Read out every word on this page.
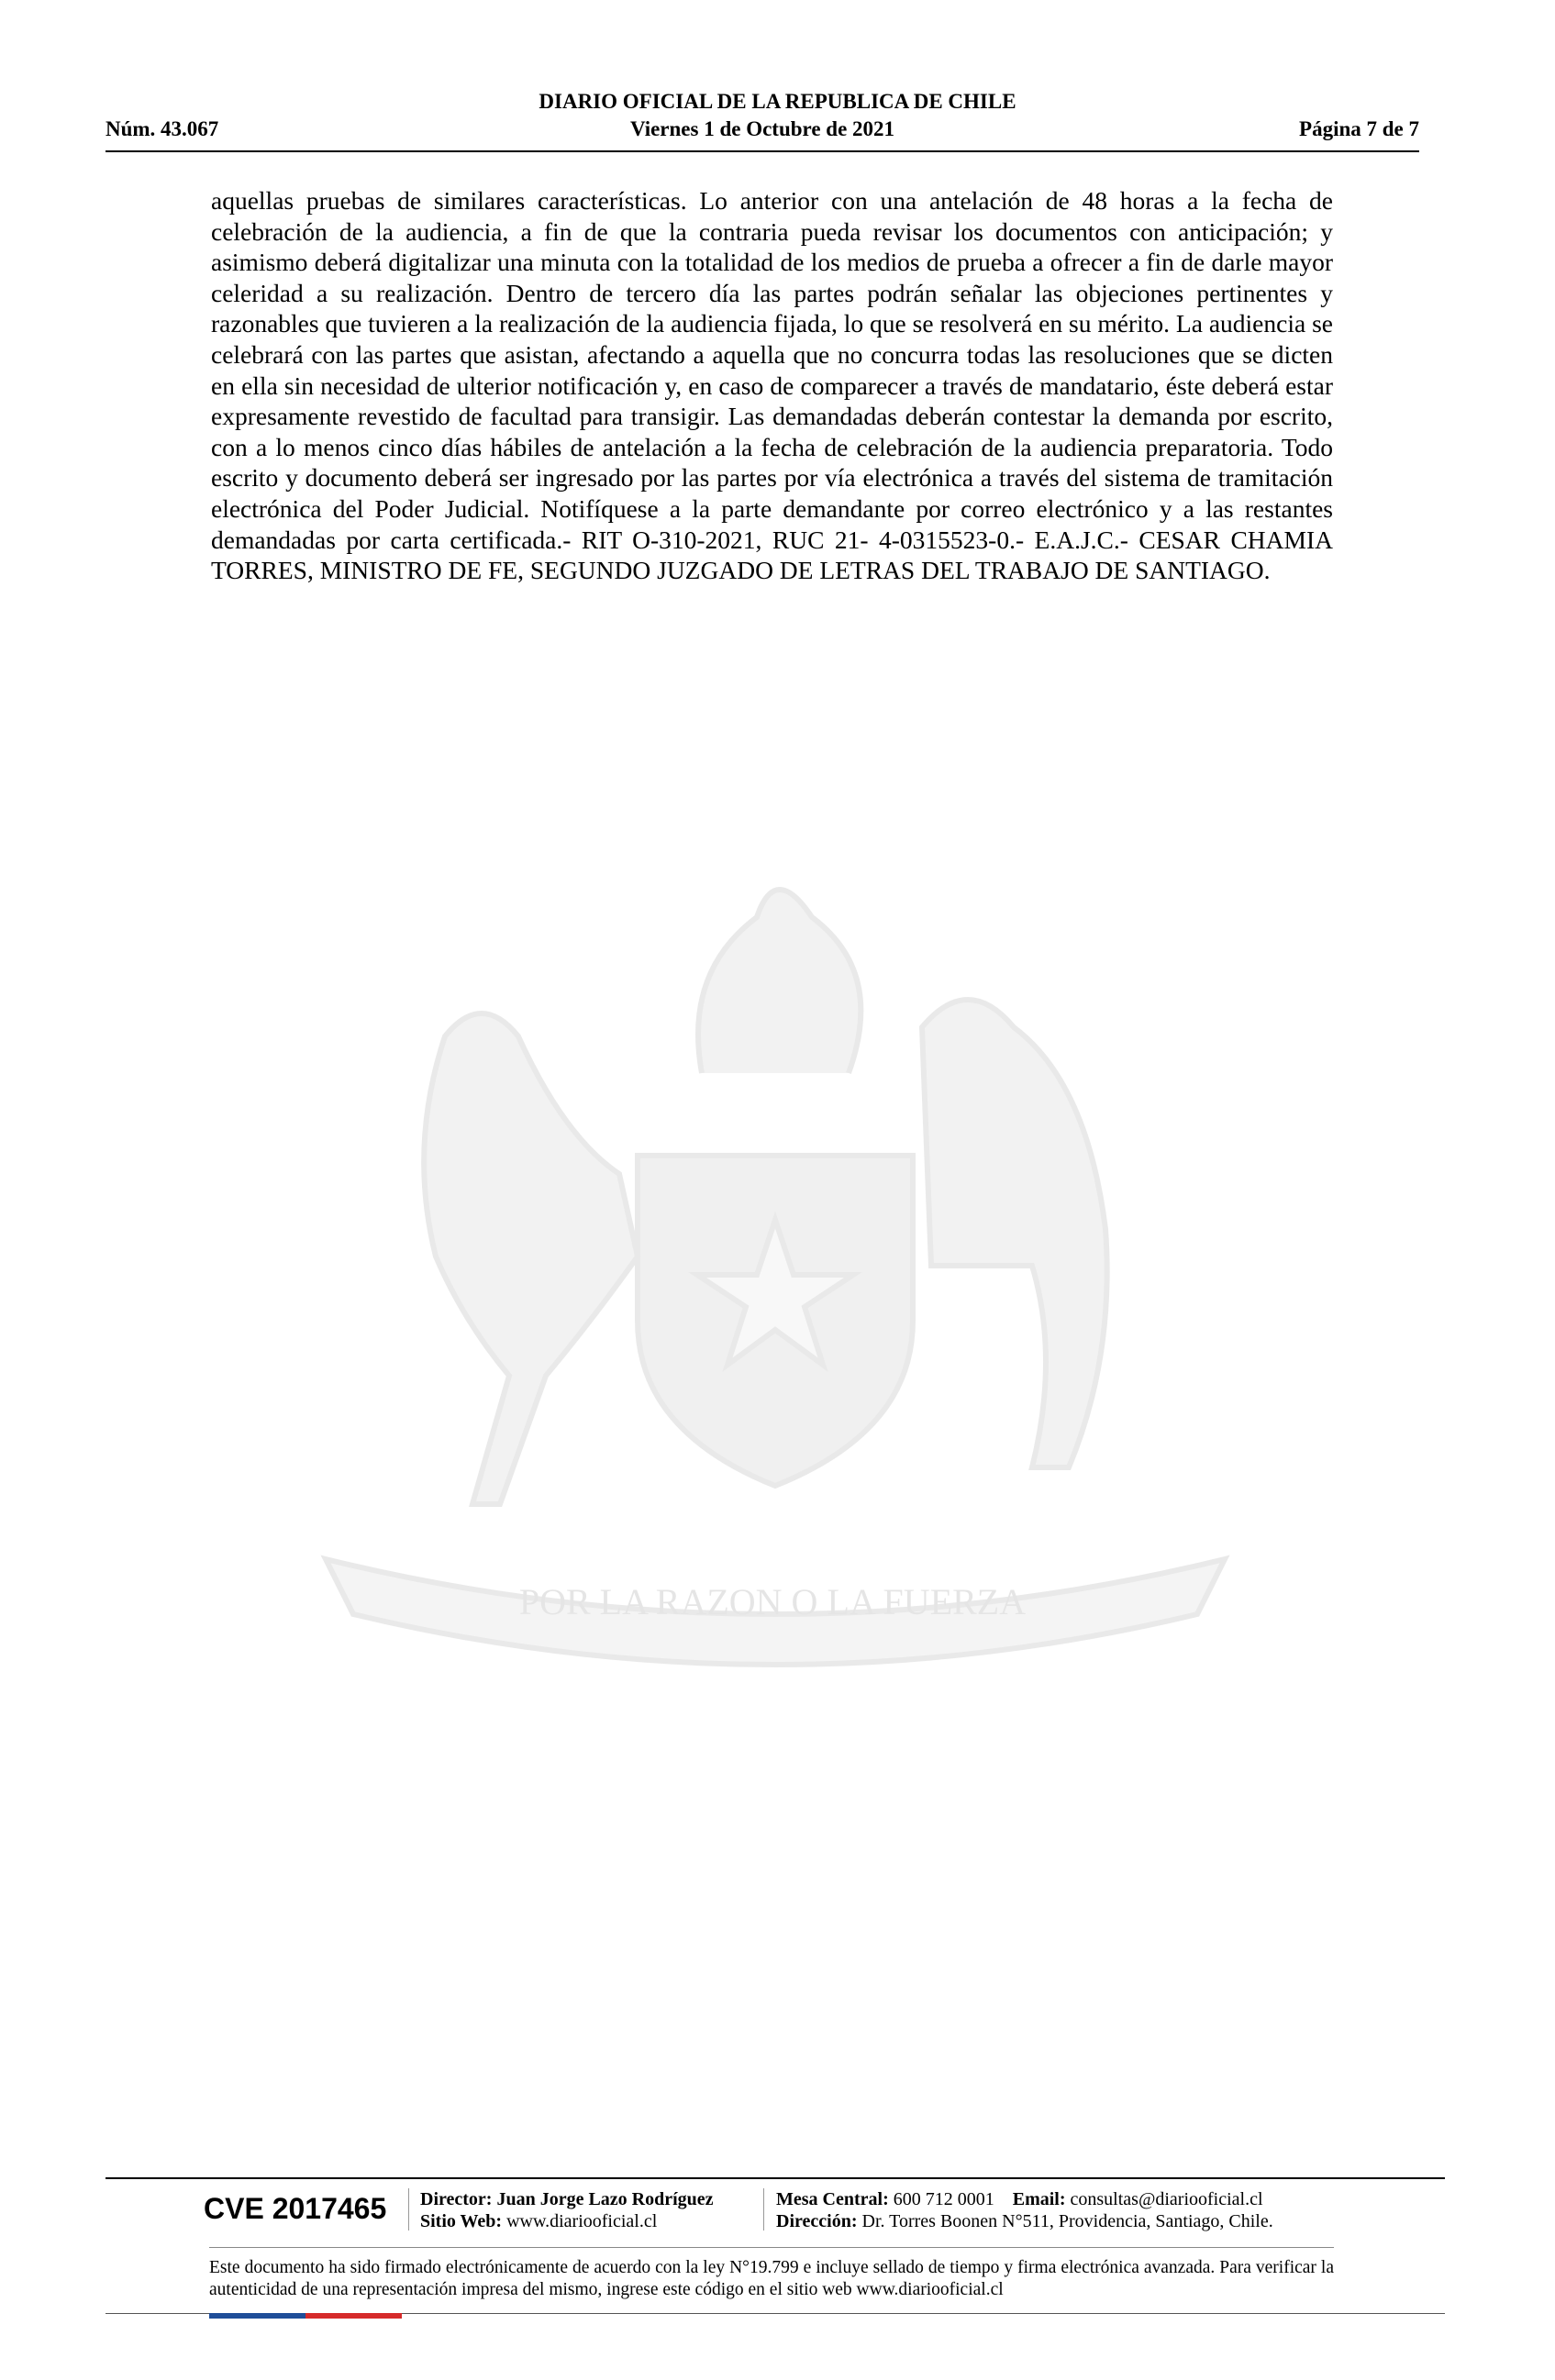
DIARIO OFICIAL DE LA REPUBLICA DE CHILE
Núm. 43.067	Viernes 1 de Octubre de 2021	Página 7 de 7
aquellas pruebas de similares características. Lo anterior con una antelación de 48 horas a la fecha de celebración de la audiencia, a fin de que la contraria pueda revisar los documentos con anticipación; y asimismo deberá digitalizar una minuta con la totalidad de los medios de prueba a ofrecer a fin de darle mayor celeridad a su realización. Dentro de tercero día las partes podrán señalar las objeciones pertinentes y razonables que tuvieren a la realización de la audiencia fijada, lo que se resolverá en su mérito. La audiencia se celebrará con las partes que asistan, afectando a aquella que no concurra todas las resoluciones que se dicten en ella sin necesidad de ulterior notificación y, en caso de comparecer a través de mandatario, éste deberá estar expresamente revestido de facultad para transigir. Las demandadas deberán contestar la demanda por escrito, con a lo menos cinco días hábiles de antelación a la fecha de celebración de la audiencia preparatoria. Todo escrito y documento deberá ser ingresado por las partes por vía electrónica a través del sistema de tramitación electrónica del Poder Judicial. Notifíquese a la parte demandante por correo electrónico y a las restantes demandadas por carta certificada.- RIT O-310-2021, RUC 21- 4-0315523-0.- E.A.J.C.- CESAR CHAMIA TORRES, MINISTRO DE FE, SEGUNDO JUZGADO DE LETRAS DEL TRABAJO DE SANTIAGO.
POR LA RAZON O LA FUERZA
CVE 2017465 Director: Juan Jorge Lazo Rodríguez
Sitio Web: www.diariooficial.cl
Mesa Central: 600 712 0001 Email: consultas@diariooficial.cl
Dirección: Dr. Torres Boonen N°511, Providencia, Santiago, Chile.
Este documento ha sido firmado electrónicamente de acuerdo con la ley N°19.799 e incluye sellado de tiempo y firma electrónica avanzada. Para verificar la autenticidad de una representación impresa del mismo, ingrese este código en el sitio web www.diariooficial.cl
